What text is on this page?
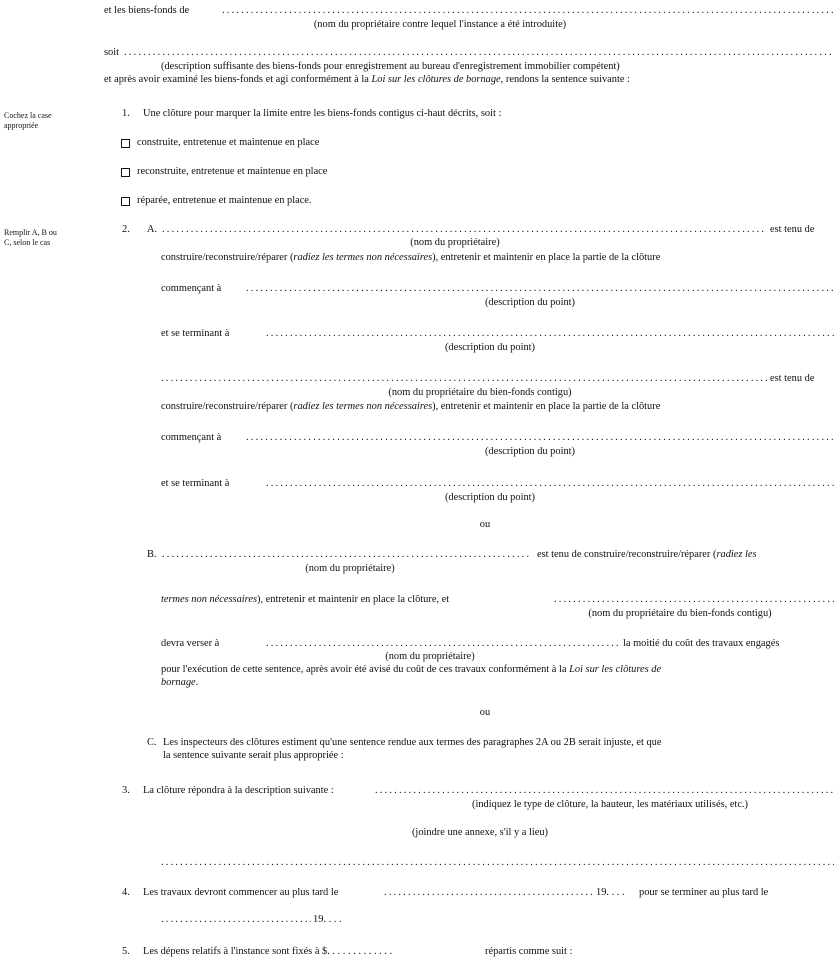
et les biens-fonds de
. . .
(nom du propriétaire contre lequel l'instance a été introduite)
soit
. . .
(description suffisante des biens-fonds pour enregistrement au bureau d'enregistrement immobilier compétent)
et après avoir examiné les biens-fonds et agi conformément à la Loi sur les clôtures de bornage, rendons la sentence suivante :
Cochez la case
appropriée
Remplir A, B ou
C, selon le cas
1. Une clôture pour marquer la limite entre les biens-fonds contigus ci-haut décrits, soit :
construite, entretenue et maintenue en place
reconstruite, entretenue et maintenue en place
réparée, entretenue et maintenue en place.
2. A. . . .	est tenu de
(nom du propriétaire)
construire/reconstruire/réparer (radiez les termes non nécessaires), entretenir et maintenir en place la partie de la clôture
commençant à
. . .
(description du point)
et se terminant à
. . .
(description du point)
. . .
est tenu de
(nom du propriétaire du bien-fonds contigu)
construire/reconstruire/réparer (radiez les termes non nécessaires), entretenir et maintenir en place la partie de la clôture
commençant à
. . .
(description du point)
et se terminant à
. . .
(description du point)
ou
B. . . .	est tenu de construire/reconstruire/réparer (radiez les
(nom du propriétaire)
termes non nécessaires), entretenir et maintenir en place la clôture, et
. . .
(nom du propriétaire du bien-fonds contigu)
devra verser à . . .	la moitié du coût des travaux engagés
(nom du propriétaire)
pour l'exécution de cette sentence, après avoir été avisé du coût de ces travaux conformément à la Loi sur les clôtures de
bornage.
ou
C. Les inspecteurs des clôtures estiment qu'une sentence rendue aux termes des paragraphes 2A ou 2B serait injuste, et que
la sentence suivante serait plus appropriée :
3. La clôture répondra à la description suivante :
. . .
(indiquez le type de clôture, la hauteur, les matériaux utilisés, etc.)
(joindre une annexe, s'il y a lieu)
. . .
4. Les travaux devront commencer au plus tard le . . .	19. . . . pour se terminer au plus tard le
. . .
19. . . .
5. Les dépens relatifs à l'instance sont fixés à $. . . . . . . . . . . . .	répartis comme suit :
